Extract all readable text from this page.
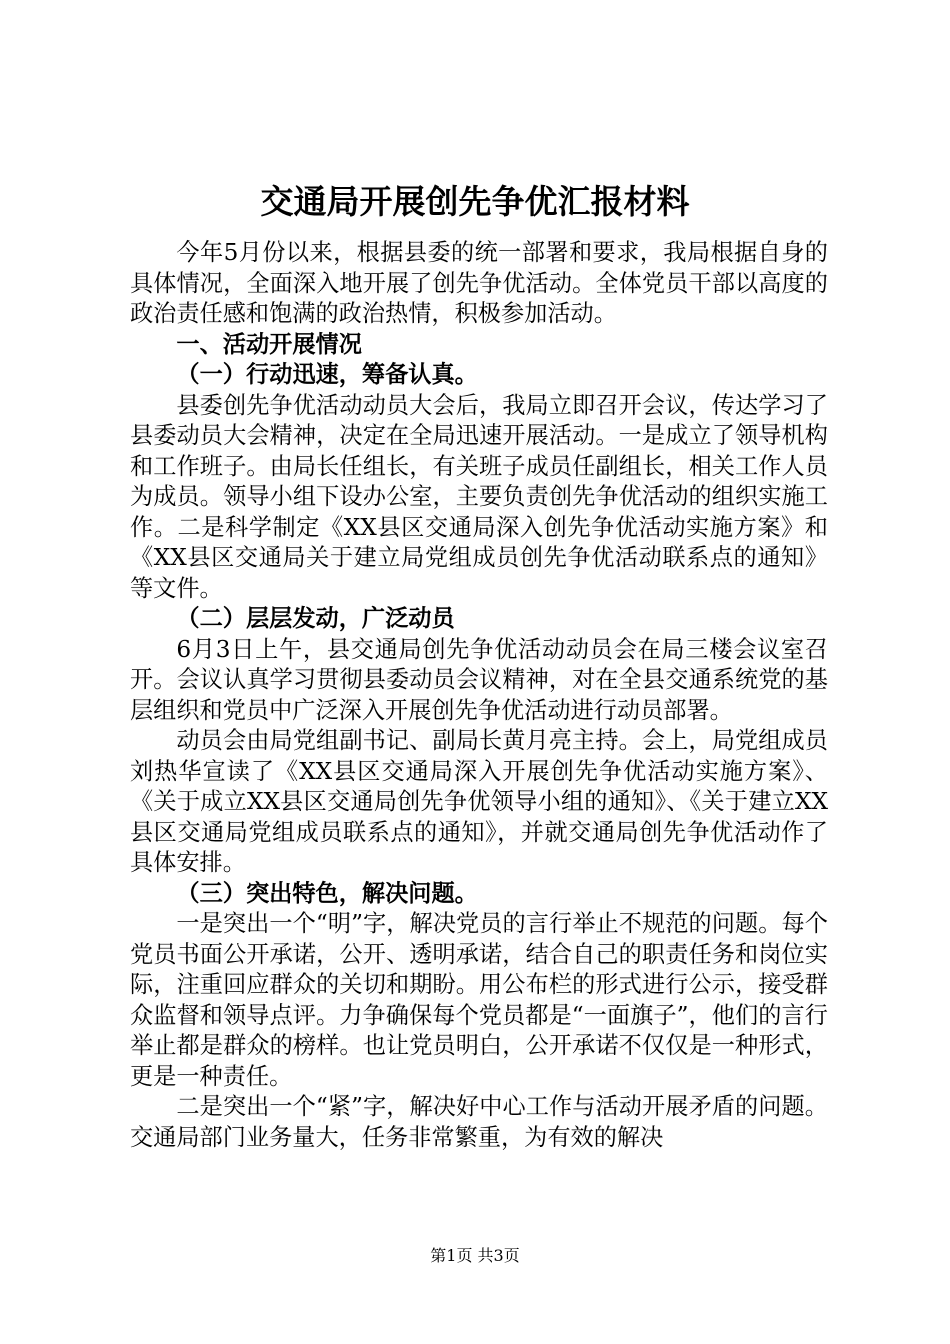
交通局开展创先争优汇报材料

今年5月份以来，根据县委的统一部署和要求，我局根据自身的具体情况，全面深入地开展了创先争优活动。全体党员干部以高度的政治责任感和饱满的政治热情，积极参加活动。

一、活动开展情况
（一）行动迅速，筹备认真。

县委创先争优活动动员大会后，我局立即召开会议，传达学习了县委动员大会精神，决定在全局迅速开展活动。一是成立了领导机构和工作班子。由局长任组长，有关班子成员任副组长，相关工作人员为成员。领导小组下设办公室，主要负责创先争优活动的组织实施工作。二是科学制定《XX县区交通局深入创先争优活动实施方案》和《XX县区交通局关于建立局党组成员创先争优活动联系点的通知》等文件。

（二）层层发动，广泛动员

6月3日上午，县交通局创先争优活动动员会在局三楼会议室召开。会议认真学习贯彻县委动员会议精神，对在全县交通系统党的基层组织和党员中广泛深入开展创先争优活动进行动员部署。

动员会由局党组副书记、副局长黄月亮主持。会上，局党组成员刘热华宣读了《XX县区交通局深入开展创先争优活动实施方案》、《关于成立XX县区交通局创先争优领导小组的通知》、《关于建立XX县区交通局党组成员联系点的通知》，并就交通局创先争优活动作了具体安排。

（三）突出特色，解决问题。

一是突出一个“明”字，解决党员的言行举止不规范的问题。每个党员书面公开承诺，公开、透明承诺，结合自己的职责任务和岗位实际，注重回应群众的关切和期盼。用公布栏的形式进行公示，接受群众监督和领导点评。力争确保每个党员都是“一面旗子”，他们的言行举止都是群众的榜样。也让党员明白，公开承诺不仅仅是一种形式，更是一种责任。

二是突出一个“紧”字，解决好中心工作与活动开展矛盾的问题。交通局部门业务量大，任务非常繁重，为有效的解决

第1页 共3页
